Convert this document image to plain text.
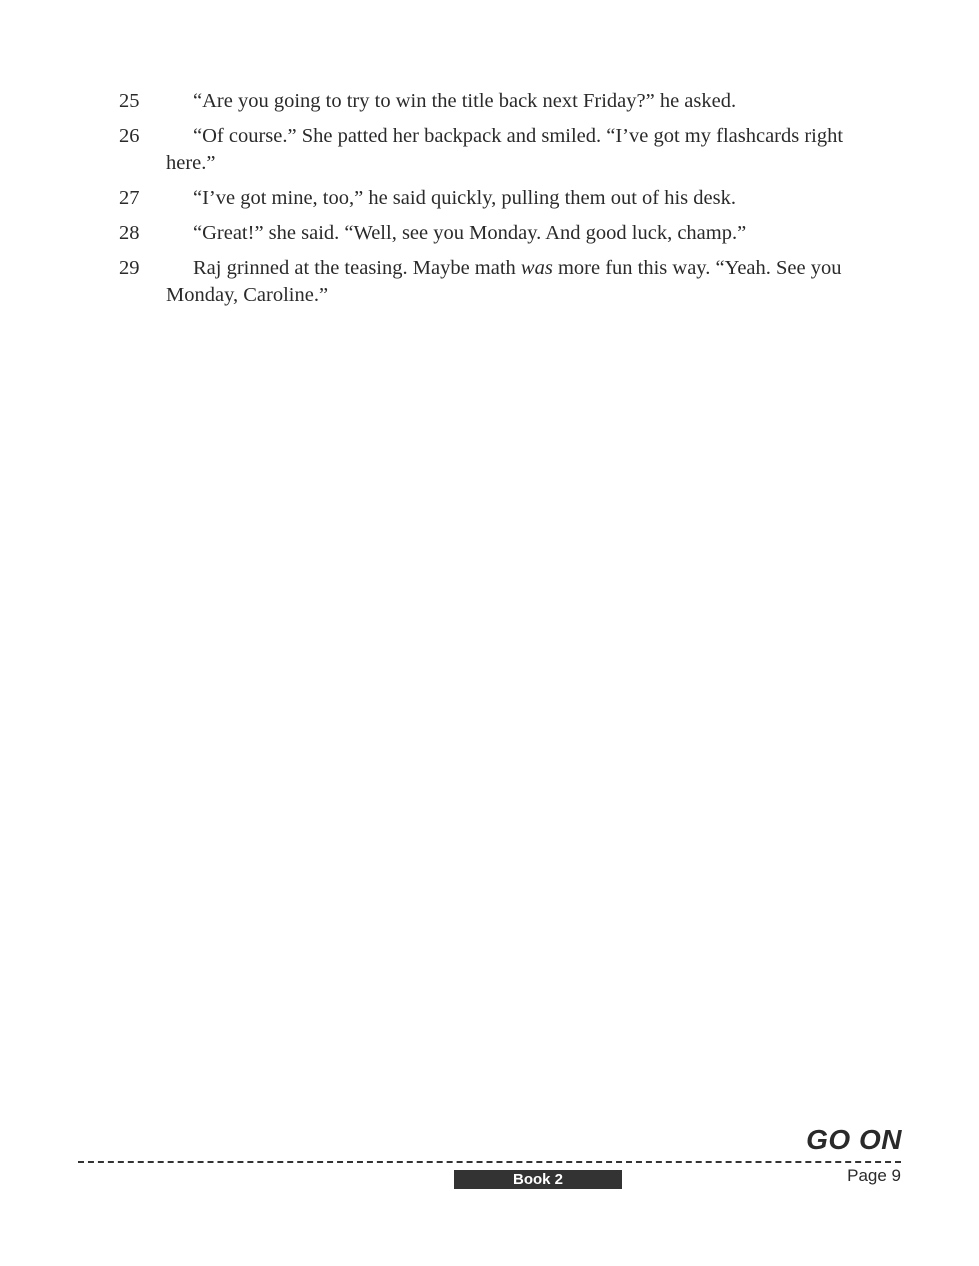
25	“Are you going to try to win the title back next Friday?” he asked.
26	“Of course.” She patted her backpack and smiled. “I’ve got my flashcards right here.”
27	“I’ve got mine, too,” he said quickly, pulling them out of his desk.
28	“Great!” she said. “Well, see you Monday. And good luck, champ.”
29	Raj grinned at the teasing. Maybe math was more fun this way. “Yeah. See you Monday, Caroline.”
GO ON
Book 2	Page 9
